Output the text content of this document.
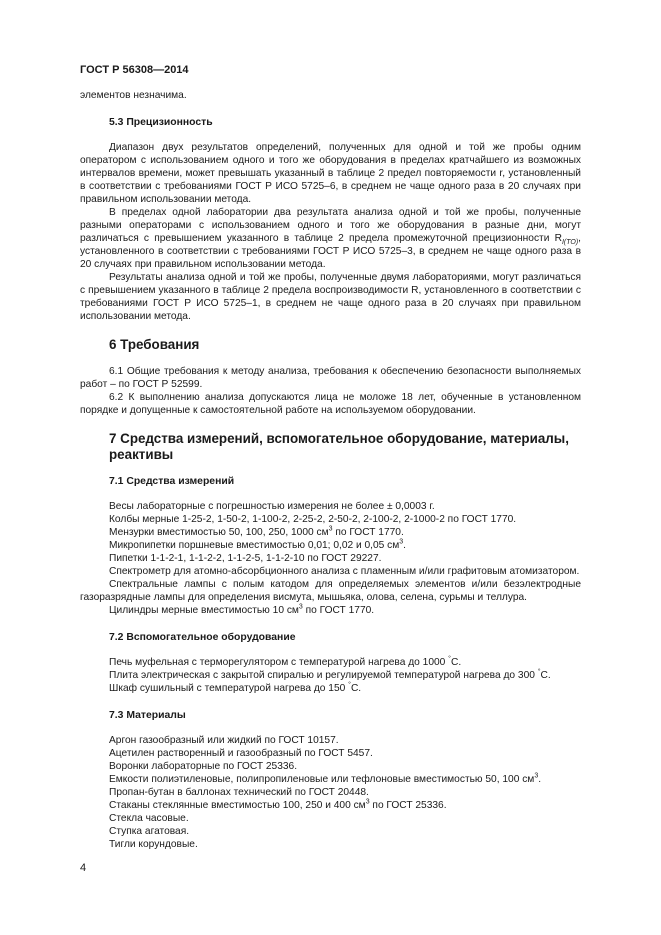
ГОСТ Р 56308—2014

элементов незначима.

5.3 Прецизионность

Диапазон двух результатов определений, полученных для одной и той же пробы одним оператором с использованием одного и того же оборудования в пределах кратчайшего из возможных интервалов времени, может превышать указанный в таблице 2 предел повторяемости r, установленный в соответствии с требованиями ГОСТ Р ИСО 5725–6, в среднем не чаще одного раза в 20 случаях при правильном использовании метода.

В пределах одной лаборатории два результата анализа одной и той же пробы, полученные разными операторами с использованием одного и того же оборудования в разные дни, могут различаться с превышением указанного в таблице 2 предела промежуточной прецизионности $R_{I(TO)}$, установленного в соответствии с требованиями ГОСТ Р ИСО 5725–3, в среднем не чаще одного раза в 20 случаях при правильном использовании метода.

Результаты анализа одной и той же пробы, полученные двумя лабораториями, могут различаться с превышением указанного в таблице 2 предела воспроизводимости R, установленного в соответствии с требованиями ГОСТ Р ИСО 5725–1, в среднем не чаще одного раза в 20 случаях при правильном использовании метода.

6 Требования

6.1 Общие требования к методу анализа, требования к обеспечению безопасности выполняемых работ – по ГОСТ Р 52599.

6.2 К выполнению анализа допускаются лица не моложе 18 лет, обученные в установленном порядке и допущенные к самостоятельной работе на используемом оборудовании.

7 Средства измерений, вспомогательное оборудование, материалы,
реактивы

7.1 Средства измерений

Весы лабораторные с погрешностью измерения не более ± 0,0003 г.

Колбы мерные 1-25-2, 1-50-2, 1-100-2, 2-25-2, 2-50-2, 2-100-2, 2-1000-2 по ГОСТ 1770.

Мензурки вместимостью 50, 100, 250, 1000 $см^3$ по ГОСТ 1770.

Микропипетки поршневые вместимостью 0,01; 0,02 и 0,05 $см^3$.

Пипетки 1-1-2-1, 1-1-2-2, 1-1-2-5, 1-1-2-10 по ГОСТ 29227.

Спектрометр для атомно-абсорбционного анализа с пламенным и/или графитовым атомизатором.

Спектральные лампы с полым катодом для определяемых элементов и/или безэлектродные газоразрядные лампы для определения висмута, мышьяка, олова, селена, сурьмы и теллура.

Цилиндры мерные вместимостью 10 $см^3$ по ГОСТ 1770.

7.2 Вспомогательное оборудование

Печь муфельная с терморегулятором с температурой нагрева до 1000 °С.

Плита электрическая с закрытой спиралью и регулируемой температурой нагрева до 300 °С.

Шкаф сушильный с температурой нагрева до 150 °С.

7.3 Материалы

Аргон газообразный или жидкий по ГОСТ 10157.

Ацетилен растворенный и газообразный по ГОСТ 5457.

Воронки лабораторные по ГОСТ 25336.

Емкости полиэтиленовые, полипропиленовые или тефлоновые вместимостью 50, 100 $см^3$.

Пропан-бутан в баллонах технический по ГОСТ 20448.

Стаканы стеклянные вместимостью 100, 250 и 400 $см^3$ по ГОСТ 25336.

Стекла часовые.

Ступка агатовая.

Тигли корундовые.

4
